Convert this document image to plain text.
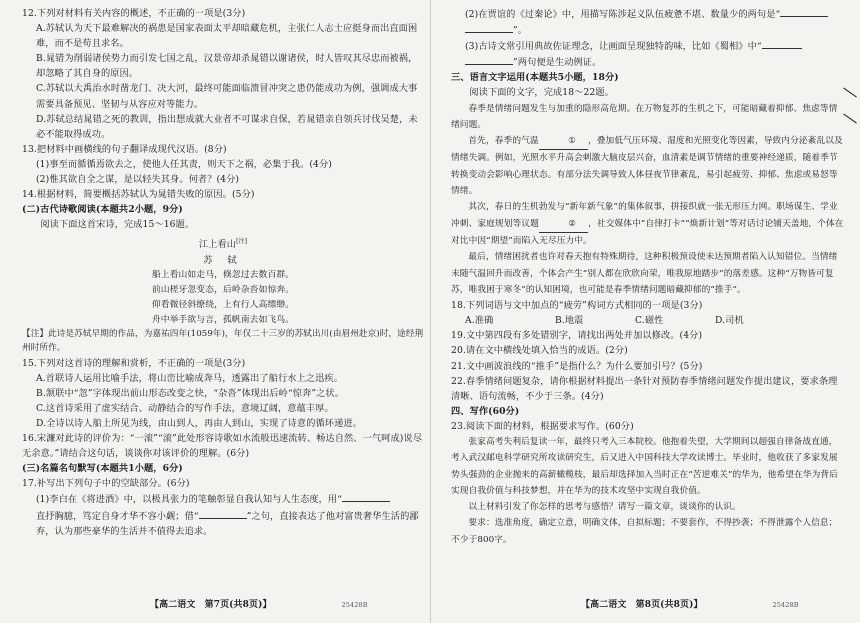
12.下列对材料有关内容的概述，不正确的一项是(3分)

A.苏轼认为天下最难解决的祸患是国家表面太平却暗藏危机，主张仁人志士应挺身而出直面困难，而不是苟且求名。

B.晁错为削弱诸侯势力而引发七国之乱，汉景帝却杀晁错以谢诸侯，时人皆叹其尽忠而被祸，却忽略了其自身的原因。

C.苏轼以大禹治水时凿龙门、决大河，最终可能面临溃冒冲突之患仍能成功为例，强调成大事需要具备预见、坚韧与从容应对等能力。

D.苏轼总结晁错之死的教训，指出想成就大业者不可谋求自保，若晁错亲自领兵讨伐吴楚，未必不能取得成功。

13.把材料中画横线的句子翻译成现代汉语。(8分)

(1)事至而循循焉欲去之，使他人任其责，则天下之祸，必集于我。(4分)

(2)惟其欲自全之谋，是以轻失其身。何者？(4分)

14.根据材料，简要概括苏轼认为晁错失败的原因。(5分)

(二)古代诗歌阅读(本题共2小题，9分)

阅读下面这首宋诗，完成15～16题。

江上看山[注]

苏 轼

船上看山如走马，倏忽过去数百群。

前山槎牙忽变态，后岭杂沓如惊奔。

仰看微径斜缭绕，上有行人高缥缈。

舟中举手欲与言，孤帆南去如飞鸟。

【注】此诗是苏轼早期的作品，为嘉祐四年(1059年)，年仅二十三岁的苏轼出川(由眉州赴京)时，途经荆州时所作。

15.下列对这首诗的理解和赏析，不正确的一项是(3分)

A.首联诗人运用比喻手法，将山峦比喻成奔马，透露出了船行水上之迅疾。

B.颔联中“忽”字体现出前山形态改变之快，“杂沓”体现出后岭“惊奔”之状。

C.这首诗采用了虚实结合、动静结合的写作手法，意境辽阔，意蕴丰厚。

D.全诗以诗人船上所见为线，由山到人，再由人到山，实现了诗意的循环递进。

16.宋濂对此诗的评价为：“一滚”“滚”此处形容诗歌如水流般迅速流转、畅达自然、一气呵成)说尽无余意。”请结合这句话，谈谈你对该评价的理解。(6分)

(三)名篇名句默写(本题共1小题，6分)

17.补写出下列句子中的空缺部分。(6分)

(1)李白在《将进酒》中，以极具张力的笔触彰显自我认知与人生态度，用“
直抒胸臆，笃定自身才华不容小觑；借“	”之句，直接表达了他对富贵奢华生活的鄙弃，认为那些豪华的生活并不值得去追求。

【高二语文　第7页(共8页)】	25428B

(2)在贾谊的《过秦论》中，用描写陈涉起义队伍疲惫不堪、数量少的两句是“
”。

(3)古诗文常引用典故佐证理念，让画面呈现独特韵味，比如《蜀相》中“
”两句便是生动例证。

三、语言文字运用(本题共5小题，18分)

阅读下面的文字，完成18～22题。

春季是情绪问题发生与加重的隐形高危期。在万物复苏的生机之下，可能暗藏着抑郁、焦虑等情绪问题。

首先，春季的气温	① ，叠加低气压环境、湿度和光照变化等因素，导致内分泌紊乱以及情绪失调。例如，光照水平升高会刺激大脑皮层兴奋，血清素是调节情绪的重要神经递质，随着季节转换变动会影响心理状态。有部分法失调导致人体昼夜节律紊乱，易引起疲劳、抑郁、焦虑或易怒等情绪。

其次，春日的生机勃发与“新年新气象”的集体叙事，拼接织就一张无形压力网。职场谋生、学业冲刺、家庭规划等议题	② ，社交媒体中“自律打卡”“焕新计划”等对话讨论铺天盖地，个体在对比中因“期望”而陷入无尽压力中。

最后，情绪困扰者也许对春天抱有特殊期待，这种积极预设使未达预期者陷入认知错位。当情绪未随气温回升而改善，个体会产生“别人都在欣欣向荣，唯我原地踏步”的落差感。这种“万物皆可复苏，唯我困于寒冬”的认知困境，也可能是春季情绪问题暗藏抑郁的“推手”。

18.下列词语与文中加点的“疲劳”构词方式相同的一项是(3分)

A.准确	B.地震	C.磁性	D.司机

19.文中第四段有多处错别字，请找出两处并加以修改。(4分)

20.请在文中横线处填入恰当的成语。(2分)

21.文中画波浪线的“推手”是指什么？为什么要加引号？(5分)

22.春季情绪问题复杂，请你根据材料提出一条针对预防春季情绪问题发作提出建议，要求条理清晰、语句流畅，不少于三条。(4分)

四、写作(60分)

23.阅读下面的材料，根据要求写作。(60分)

张家高考失利后复读一年，最终只考入三本院校。他抱着失望，大学期间以超强自律备战直通，考入武汉邮电科学研究所攻读研究生，后又进入中国科技大学攻读博士。毕业时，他收获了多家发展势头强劲的企业抛来的高薪橄榄枝，最后却选择加入当时正在“苦逆难关”的华为，他希望在华为背后实现自我价值与科技梦想，并在华为的技术攻坚中实现自我价值。

以上材料引发了你怎样的思考与感悟？请写一篇文章，谈谈你的认识。

要求：选准角度，确定立意，明确文体，自拟标题；不要套作，不得抄袭；不得泄露个人信息；不少于800字。

【高二语文　第8页(共8页)】	25428B
